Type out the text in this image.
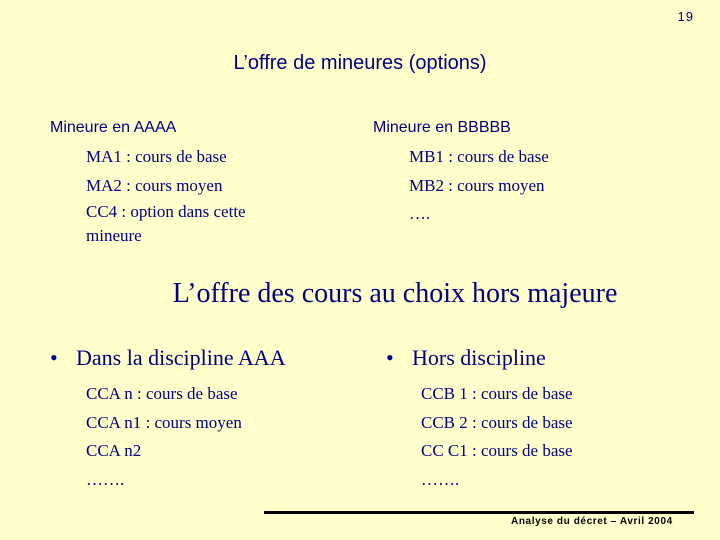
19
L’offre de mineures (options)
Mineure en AAAA
MA1 : cours de base
MA2 : cours moyen
CC4 : option dans cette mineure
Mineure en BBBBB
MB1 : cours de base
MB2 : cours moyen
….
L’offre des cours au choix hors majeure
• Dans la discipline AAA
CCA n : cours de base
CCA n1 : cours moyen
CCA n2
…….
• Hors discipline
CCB 1 : cours de base
CCB 2 : cours de base
CC C1 : cours de base
…….
Analyse du décret – Avril 2004
